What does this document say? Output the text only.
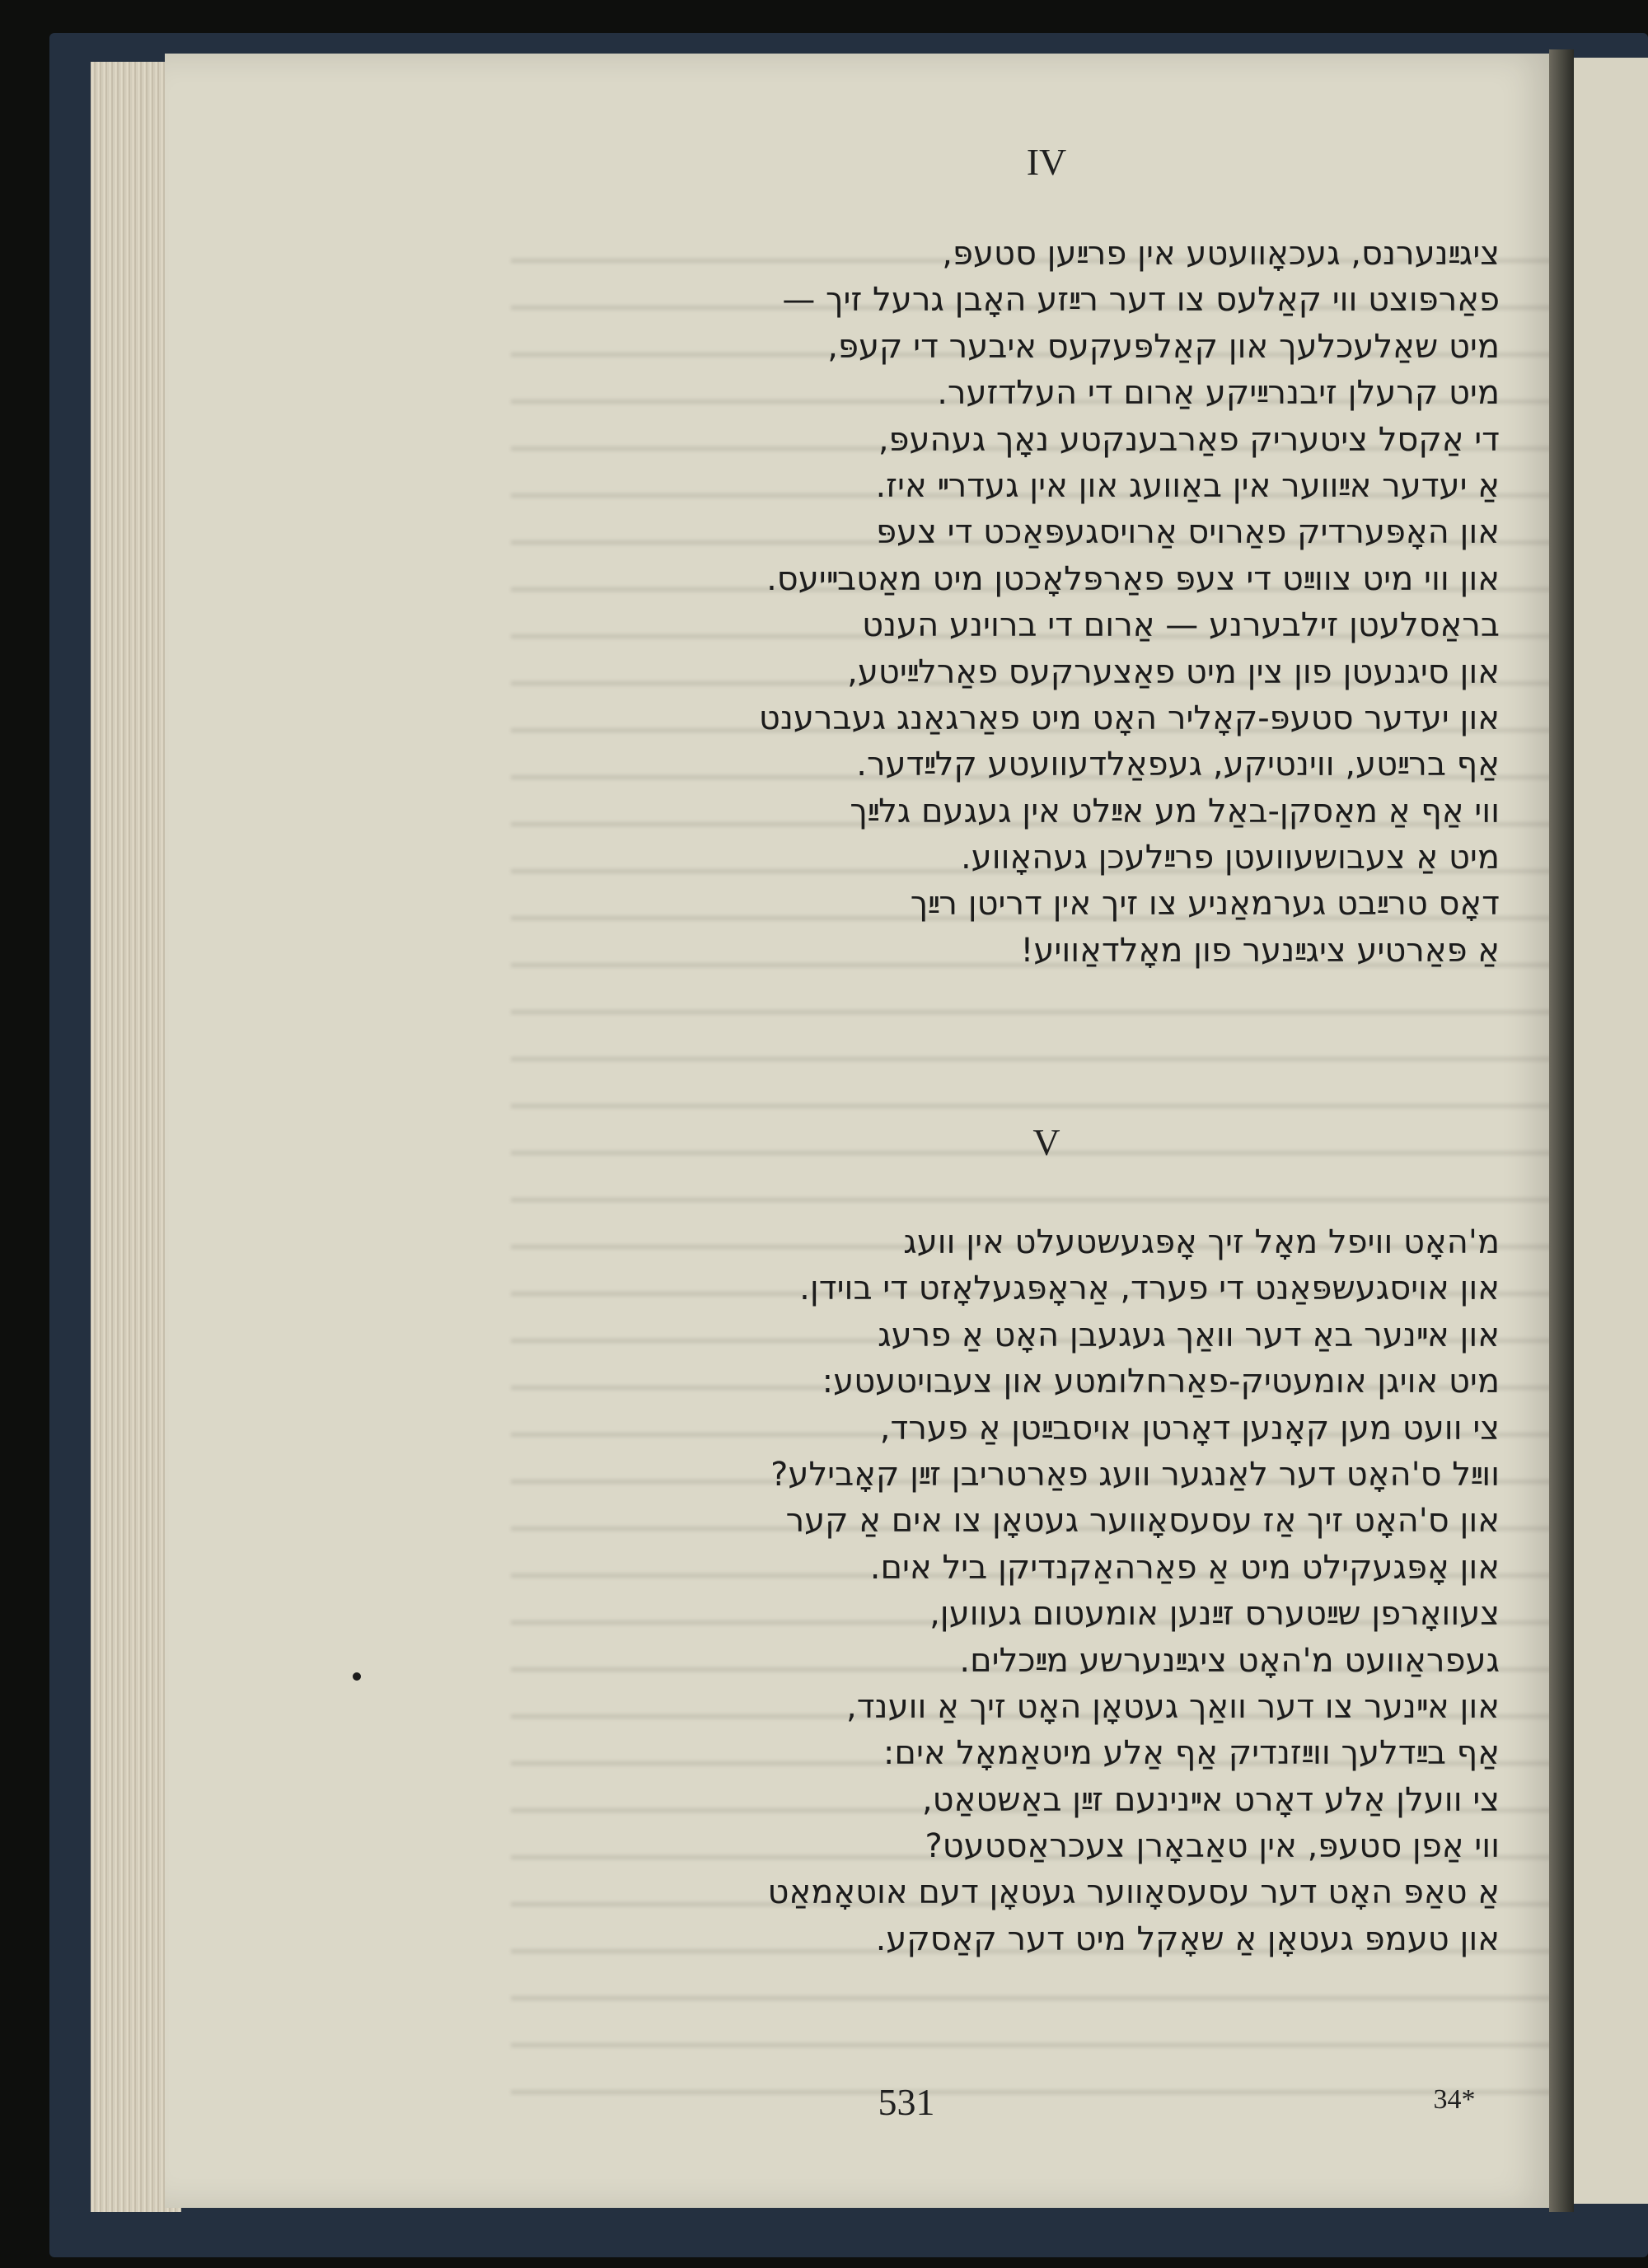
IV
ציגײַנערנס, געכאָוועטע אין פרײַען סטעפּ,
פאַרפּוצט ווי קאַלעס צו דער רײַזע האָבן גרעל זיך —
מיט שאַלעכלעך און קאַלפּעקעס איבער די קעפּ,
מיט קרעלן זיבנרײַיקע אַרום די העלדזער.
די אַקסל ציטעריק פאַרבענקטע נאָך געהעפּ,
אַ יעדער אײַווער אין באַוועג און אין געדרײ איז.
און האָפּערדיק פאַרויס אַרויסגעפּאַכט די צעפּ
און ווי מיט צווײַט די צעפּ פאַרפּלאָכטן מיט מאַטבײיעס.
בראַסלעטן זילבערנע — אַרום די ברוינע הענט
און סיגנעטן פון צין מיט פאַצערקעס פאַרלײַיטע,
און יעדער סטעפּ-קאָליר האָט מיט פאַרגאַנג געברענט
אַף ברײַטע, ווינטיקע, געפאַלדעוועטע קלײַדער.
ווי אַף אַ מאַסקן-באַל מע אײַלט אין געגעם גלײַך
מיט אַ צעבושעוועטן פרײַלעכן געהאָווע.
דאָס טרײַבט גערמאַניע צו זיך אין דריטן רײַך
אַ פּאַרטיע ציגײַנער פון מאָלדאַוויע!
V
מ'האָט וויפל מאָל זיך אָפּגעשטעלט אין וועג
און אויסגעשפּאַנט די פערד, אַראָפּגעלאָזט די בוידן.
און אײנער באַ דער וואַך געגעבן האָט אַ פרעג
מיט אויגן אומעטיק-פאַרחלומטע און צעבויטעטע:
צי וועט מען קאָנען דאָרטן אויסבײַטן אַ פערד,
ווײַל ס'האָט דער לאַנגער וועג פאַרטריבן זײַן קאָבילע?
און ס'האָט זיך אַז עסעסאָווער געטאָן צו אים אַ קער
און אָפּגעקילט מיט אַ פאַרהאַקנדיקן ביל אים.
צעוואָרפן שײַטערס זײַנען אומעטום געווען,
געפראַוועט מ'האָט ציגײַנערשע מײַכלים.
און אײנער צו דער וואַך געטאָן האָט זיך אַ ווענד,
אַף בײַדלעך ווײַזנדיק אַף אַלע מיטאַמאָל אים:
צי וועלן אַלע דאָרט אײנינעם זײַן באַשטאַט,
ווי אַפן סטעפּ, אין טאַבאָרן צעכראַסטעט?
אַ טאַפּ האָט דער עסעסאָווער געטאָן דעם אוטאָמאַט
און טעמפּ געטאָן אַ שאָקל מיט דער קאַסקע.
531	34*
